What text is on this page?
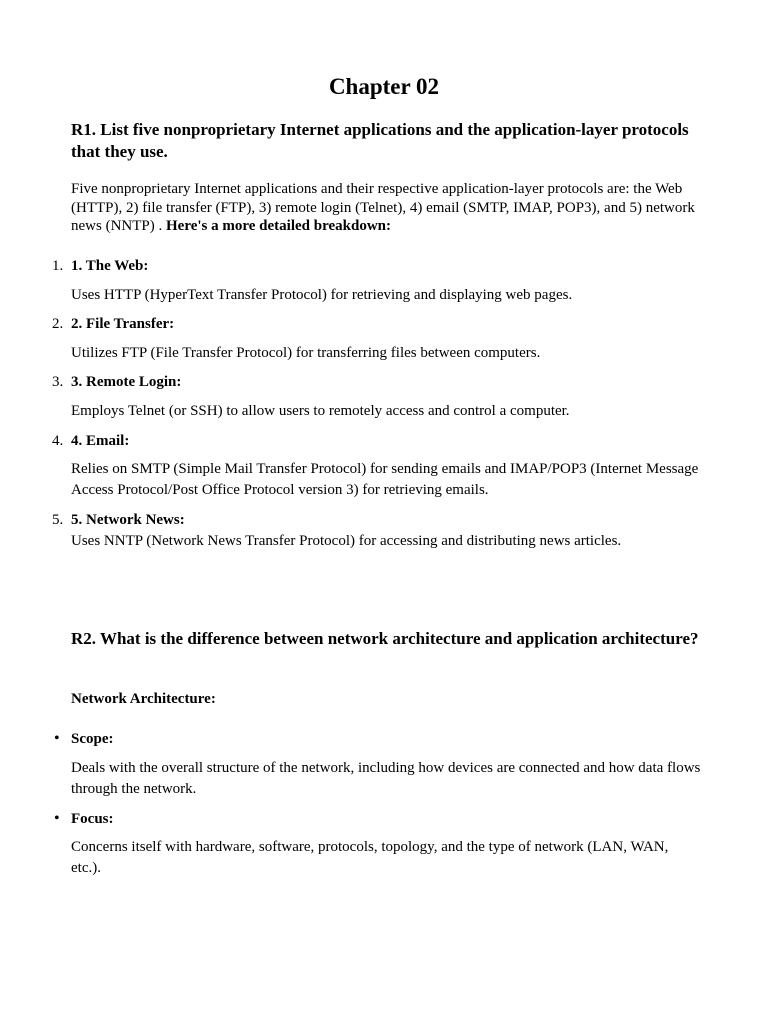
Chapter 02
R1. List five nonproprietary Internet applications and the application-layer protocols that they use.

Five nonproprietary Internet applications and their respective application-layer protocols are: the Web (HTTP), 2) file transfer (FTP), 3) remote login (Telnet), 4) email (SMTP, IMAP, POP3), and 5) network news (NNTP) . Here's a more detailed breakdown:

1. 1. The Web:

Uses HTTP (HyperText Transfer Protocol) for retrieving and displaying web pages.

2. 2. File Transfer:

Utilizes FTP (File Transfer Protocol) for transferring files between computers.

3. 3. Remote Login:

Employs Telnet (or SSH) to allow users to remotely access and control a computer.

4. 4. Email:

Relies on SMTP (Simple Mail Transfer Protocol) for sending emails and IMAP/POP3 (Internet Message Access Protocol/Post Office Protocol version 3) for retrieving emails.

5. 5. Network News:

Uses NNTP (Network News Transfer Protocol) for accessing and distributing news articles.

R2. What is the difference between network architecture and application architecture?

Network Architecture:

• Scope:

Deals with the overall structure of the network, including how devices are connected and how data flows through the network.

• Focus:

Concerns itself with hardware, software, protocols, topology, and the type of network (LAN, WAN, etc.).
